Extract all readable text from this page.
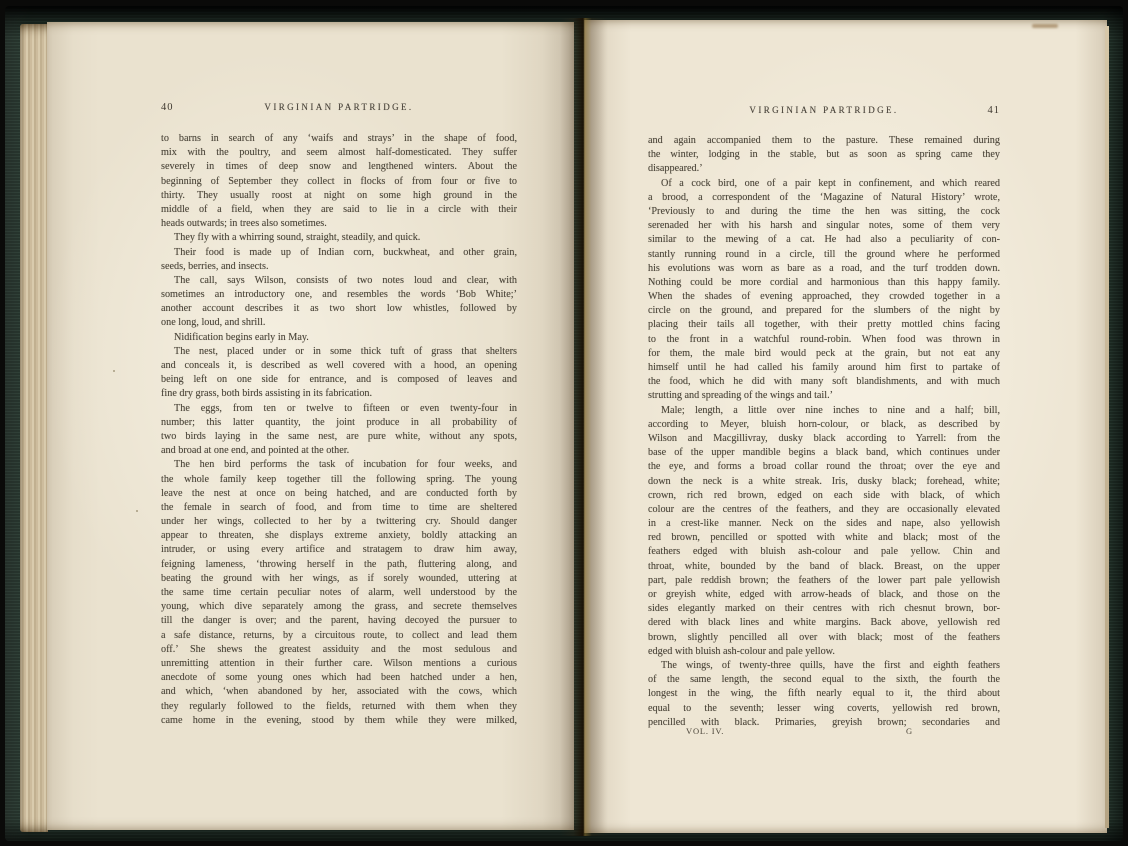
40	VIRGINIAN PARTRIDGE.
to barns in search of any ‘waifs and strays’ in the shape of food,
mix with the poultry, and seem almost half-domesticated. They suffer
severely in times of deep snow and lengthened winters. About the
beginning of September they collect in flocks of from four or five to
thirty. They usually roost at night on some high ground in the
middle of a field, when they are said to lie in a circle with their
heads outwards; in trees also sometimes.
They fly with a whirring sound, straight, steadily, and quick.
Their food is made up of Indian corn, buckwheat, and other grain,
seeds, berries, and insects.
The call, says Wilson, consists of two notes loud and clear, with
sometimes an introductory one, and resembles the words ‘Bob White;’
another account describes it as two short low whistles, followed by
one long, loud, and shrill.
Nidification begins early in May.
The nest, placed under or in some thick tuft of grass that shelters
and conceals it, is described as well covered with a hood, an opening
being left on one side for entrance, and is composed of leaves and
fine dry grass, both birds assisting in its fabrication.
The eggs, from ten or twelve to fifteen or even twenty-four in
number; this latter quantity, the joint produce in all probability of
two birds laying in the same nest, are pure white, without any spots,
and broad at one end, and pointed at the other.
The hen bird performs the task of incubation for four weeks, and
the whole family keep together till the following spring. The young
leave the nest at once on being hatched, and are conducted forth by
the female in search of food, and from time to time are sheltered
under her wings, collected to her by a twittering cry. Should danger
appear to threaten, she displays extreme anxiety, boldly attacking an
intruder, or using every artifice and stratagem to draw him away,
feigning lameness, ‘throwing herself in the path, fluttering along, and
beating the ground with her wings, as if sorely wounded, uttering at
the same time certain peculiar notes of alarm, well understood by the
young, which dive separately among the grass, and secrete themselves
till the danger is over; and the parent, having decoyed the pursuer to
a safe distance, returns, by a circuitous route, to collect and lead them
off.’ She shews the greatest assiduity and the most sedulous and
unremitting attention in their further care. Wilson mentions a curious
anecdote of some young ones which had been hatched under a hen,
and which, ‘when abandoned by her, associated with the cows, which
they regularly followed to the fields, returned with them when they
came home in the evening, stood by them while they were milked,
VIRGINIAN PARTRIDGE.	41
and again accompanied them to the pasture. These remained during
the winter, lodging in the stable, but as soon as spring came they
disappeared.’
Of a cock bird, one of a pair kept in confinement, and which reared
a brood, a correspondent of the ‘Magazine of Natural History’ wrote,
‘Previously to and during the time the hen was sitting, the cock
serenaded her with his harsh and singular notes, some of them very
similar to the mewing of a cat. He had also a peculiarity of con-
stantly running round in a circle, till the ground where he performed
his evolutions was worn as bare as a road, and the turf trodden down.
Nothing could be more cordial and harmonious than this happy family.
When the shades of evening approached, they crowded together in a
circle on the ground, and prepared for the slumbers of the night by
placing their tails all together, with their pretty mottled chins facing
to the front in a watchful round-robin. When food was thrown in
for them, the male bird would peck at the grain, but not eat any
himself until he had called his family around him first to partake of
the food, which he did with many soft blandishments, and with much
strutting and spreading of the wings and tail.’
Male; length, a little over nine inches to nine and a half; bill,
according to Meyer, bluish horn-colour, or black, as described by
Wilson and Macgillivray, dusky black according to Yarrell: from the
base of the upper mandible begins a black band, which continues under
the eye, and forms a broad collar round the throat; over the eye and
down the neck is a white streak. Iris, dusky black; forehead, white;
crown, rich red brown, edged on each side with black, of which
colour are the centres of the feathers, and they are occasionally elevated
in a crest-like manner. Neck on the sides and nape, also yellowish
red brown, pencilled or spotted with white and black; most of the
feathers edged with bluish ash-colour and pale yellow. Chin and
throat, white, bounded by the band of black. Breast, on the upper
part, pale reddish brown; the feathers of the lower part pale yellowish
or greyish white, edged with arrow-heads of black, and those on the
sides elegantly marked on their centres with rich chesnut brown, bor-
dered with black lines and white margins. Back above, yellowish red
brown, slightly pencilled all over with black; most of the feathers
edged with bluish ash-colour and pale yellow.
The wings, of twenty-three quills, have the first and eighth feathers
of the same length, the second equal to the sixth, the fourth the
longest in the wing, the fifth nearly equal to it, the third about
equal to the seventh; lesser wing coverts, yellowish red brown,
pencilled with black. Primaries, greyish brown; secondaries and
VOL. IV.	G
